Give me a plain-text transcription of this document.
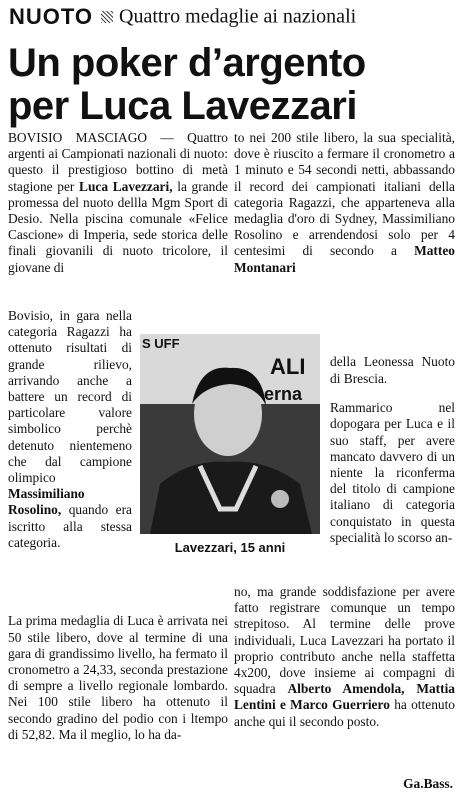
NUOTO Quattro medaglie ai nazionali
Un poker d’argento
per Luca Lavezzari

BOVISIO MASCIAGO — Quattro argenti ai Campionati nazionali di nuoto: questo il prestigioso bottino di metà stagione per Luca Lavezzari, la grande promessa del nuoto dellla Mgm Sport di Desio. Nella piscina comunale «Felice Cascione» di Imperia, sede storica delle finali giovanili di nuoto tricolore, il giovane di

Bovisio, in gara nella categoria Ragazzi ha ottenuto risultati di grande rilievo, arrivando anche a battere un record di particolare valore simbolico perchè detenuto nientemeno che dal campione olimpico Massimiliano Rosolino, quando era iscritto alla stessa categoria.

La prima medaglia di Luca è arrivata nei 50 stile libero, dove al termine di una gara di grandissimo livello, ha fermato il cronometro a 24,33, seconda prestazione di sempre a livello regionale lombardo. Nei 100 stile libero ha ottenuto il secondo gradino del podio con i ltempo di 52,82. Ma il meglio, lo ha da-

to nei 200 stile libero, la sua specialità, dove è riuscito a fermare il cronometro a 1 minuto e 54 secondi netti, abbassando il record dei campionati italiani della categoria Ragazzi, che apparteneva alla medaglia d'oro di Sydney, Massimiliano Rosolino e arrendendosi solo per 4 centesimi di secondo a Matteo Montanari

della Leonessa Nuoto di Brescia.

Rammarico nel dopogara per Luca e il suo staff, per avere mancato davvero di un niente la riconferma del titolo di campione italiano di categoria conquistato in questa specialità lo scorso an-

no, ma grande soddisfazione per avere fatto registrare comunque un tempo strepitoso. Al termine delle prove individuali, Luca Lavezzari ha portato il proprio contributo anche nella staffetta 4x200, dove insieme ai compagni di squadra Alberto Amendola, Mattia Lentini e Marco Guerriero ha ottenuto anche qui il secondo posto.
S UFF
ALI
erna
Lavezzari, 15 anni
Ga.Bass.
